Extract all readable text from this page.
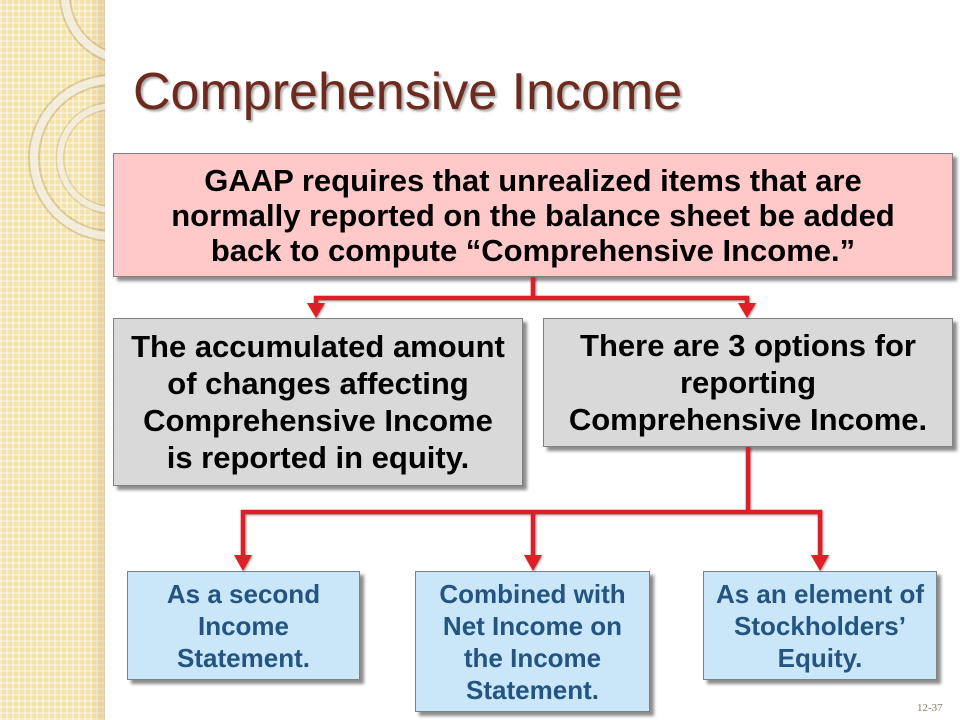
Comprehensive Income
GAAP requires that unrealized items that are
normally reported on the balance sheet be added
back to compute “Comprehensive Income.”
The accumulated amount
of changes affecting
Comprehensive Income
is reported in equity.
There are 3 options for
reporting
Comprehensive Income.
As a second
Income
Statement.
Combined with
Net Income on
the Income
Statement.
As an element of
Stockholders’
Equity.
12-37
